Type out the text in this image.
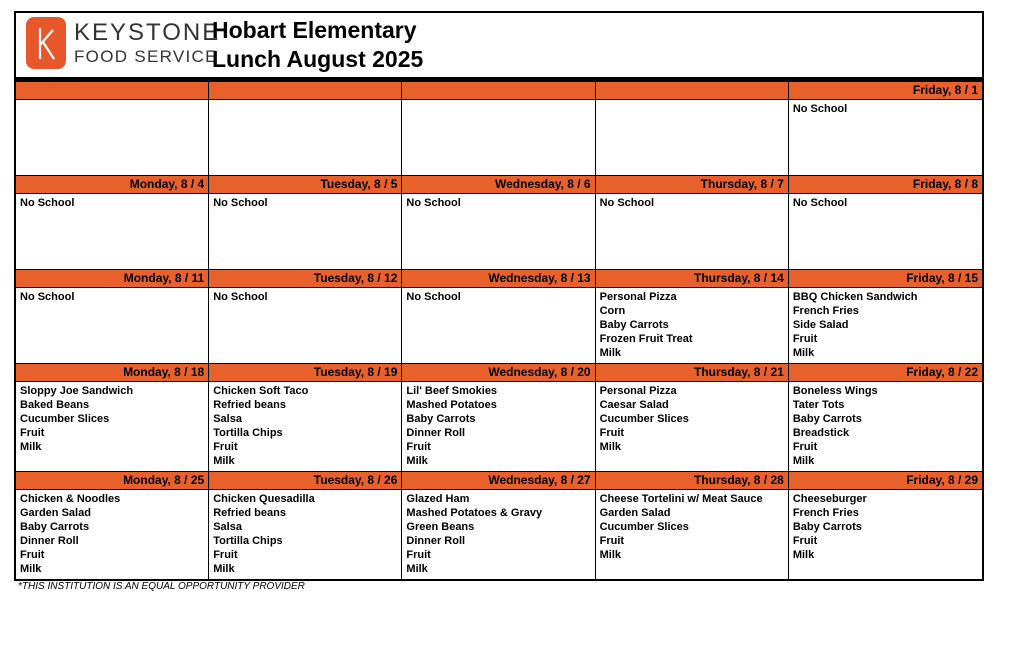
KEYSTONE
FOOD SERVICE
Hobart Elementary
Lunch August 2025
Friday, 8 / 1
No School
Monday, 8 / 4
No School
Tuesday, 8 / 5
No School
Wednesday, 8 / 6
No School
Thursday, 8 / 7
No School
Friday, 8 / 8
No School
Monday, 8 / 11
No School
Tuesday, 8 / 12
No School
Wednesday, 8 / 13
No School
Thursday, 8 / 14
Personal Pizza
Corn
Baby Carrots
Frozen Fruit Treat
Milk
Friday, 8 / 15
BBQ Chicken Sandwich
French Fries
Side Salad
Fruit
Milk
Monday, 8 / 18
Sloppy Joe Sandwich
Baked Beans
Cucumber Slices
Fruit
Milk
Tuesday, 8 / 19
Chicken Soft Taco
Refried beans
Salsa
Tortilla Chips
Fruit
Milk
Wednesday, 8 / 20
Lil' Beef Smokies
Mashed Potatoes
Baby Carrots
Dinner Roll
Fruit
Milk
Thursday, 8 / 21
Personal Pizza
Caesar Salad
Cucumber Slices
Fruit
Milk
Friday, 8 / 22
Boneless Wings
Tater Tots
Baby Carrots
Breadstick
Fruit
Milk
Monday, 8 / 25
Chicken & Noodles
Garden Salad
Baby Carrots
Dinner Roll
Fruit
Milk
Tuesday, 8 / 26
Chicken Quesadilla
Refried beans
Salsa
Tortilla Chips
Fruit
Milk
Wednesday, 8 / 27
Glazed Ham
Mashed Potatoes & Gravy
Green Beans
Dinner Roll
Fruit
Milk
Thursday, 8 / 28
Cheese Tortelini w/ Meat Sauce
Garden Salad
Cucumber Slices
Fruit
Milk
Friday, 8 / 29
Cheeseburger
French Fries
Baby Carrots
Fruit
Milk
*THIS INSTITUTION IS AN EQUAL OPPORTUNITY PROVIDER
